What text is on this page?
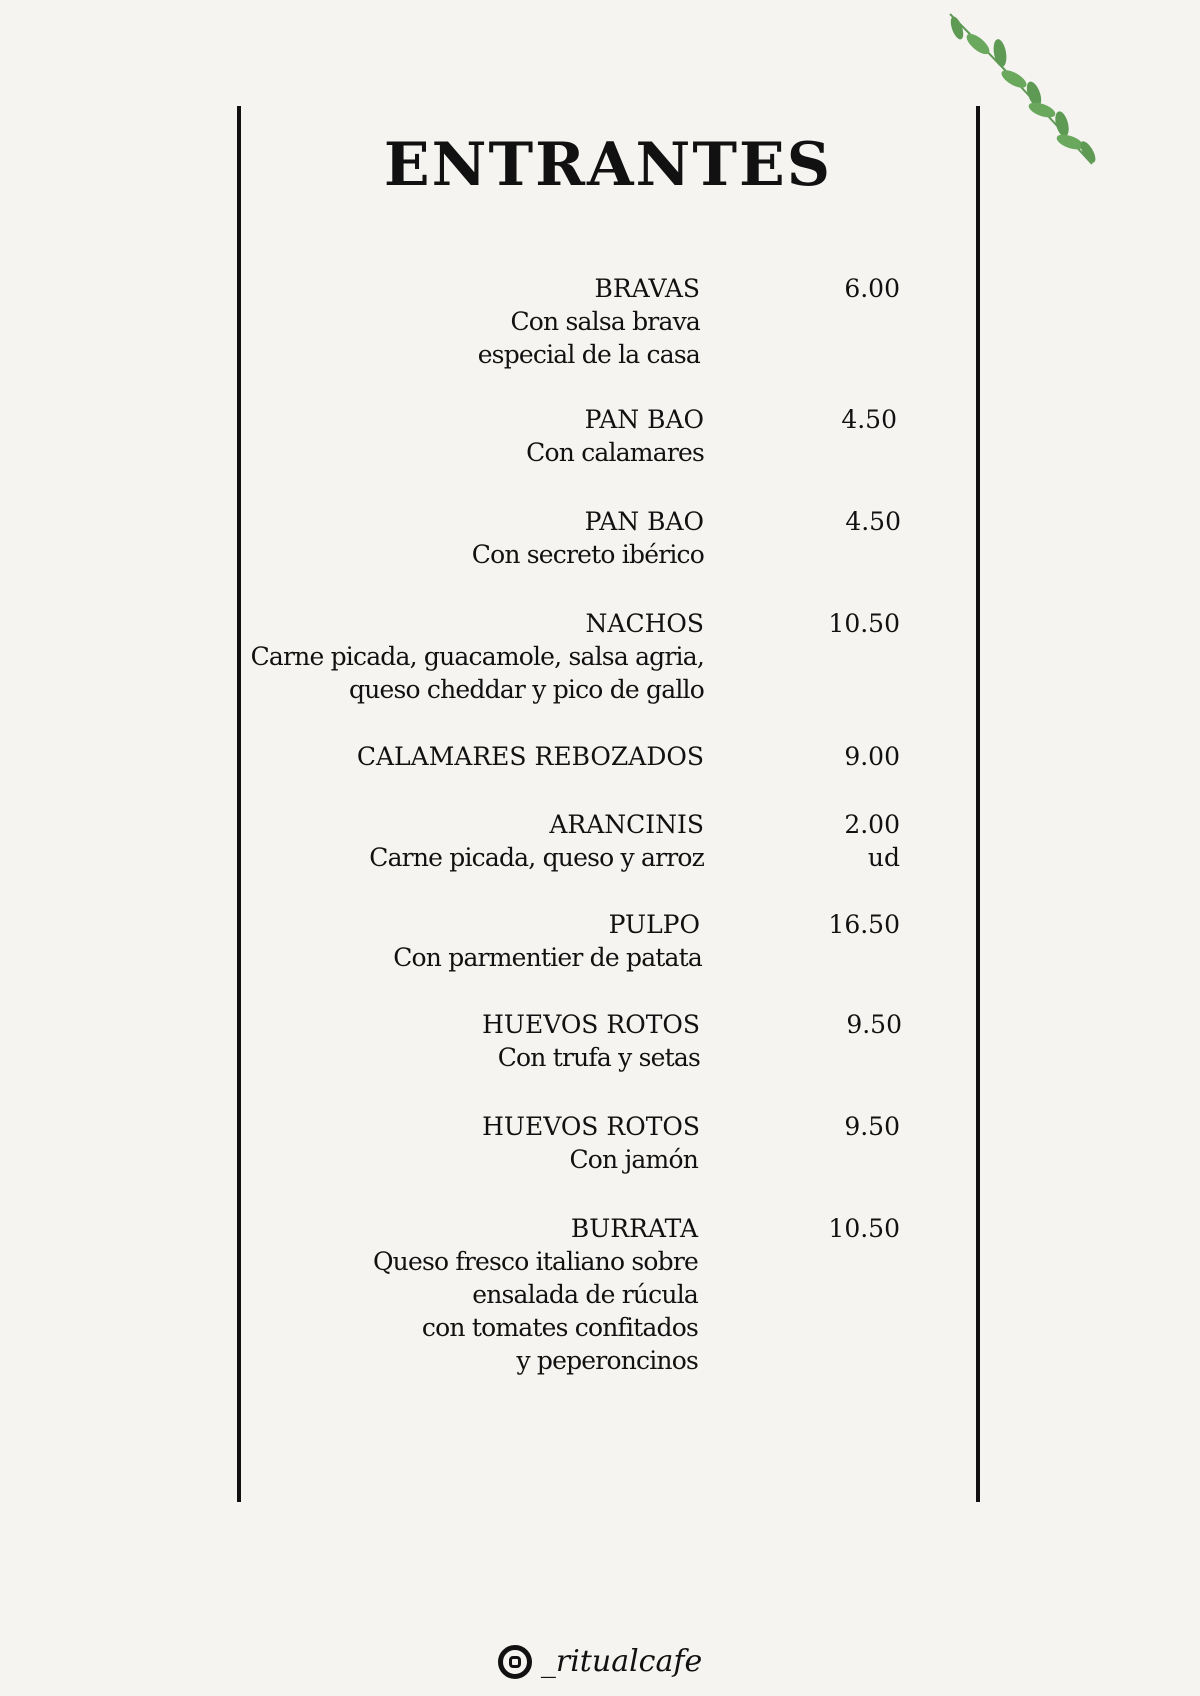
ENTRANTES
BRAVAS
Con salsa brava
especial de la casa
6.00
PAN BAO
Con calamares
4.50
PAN BAO
Con secreto ibérico
4.50
NACHOS
Carne picada, guacamole, salsa agria,
queso cheddar y pico de gallo
10.50
CALAMARES REBOZADOS	9.00
ARANCINIS
Carne picada, queso y arroz
2.00
ud
PULPO
Con parmentier de patata
16.50
HUEVOS ROTOS
Con trufa y setas
9.50
HUEVOS ROTOS
Con jamón
9.50
BURRATA
Queso fresco italiano sobre
ensalada de rúcula
con tomates confitados
y peperoncinos
10.50
_ritualcafe
